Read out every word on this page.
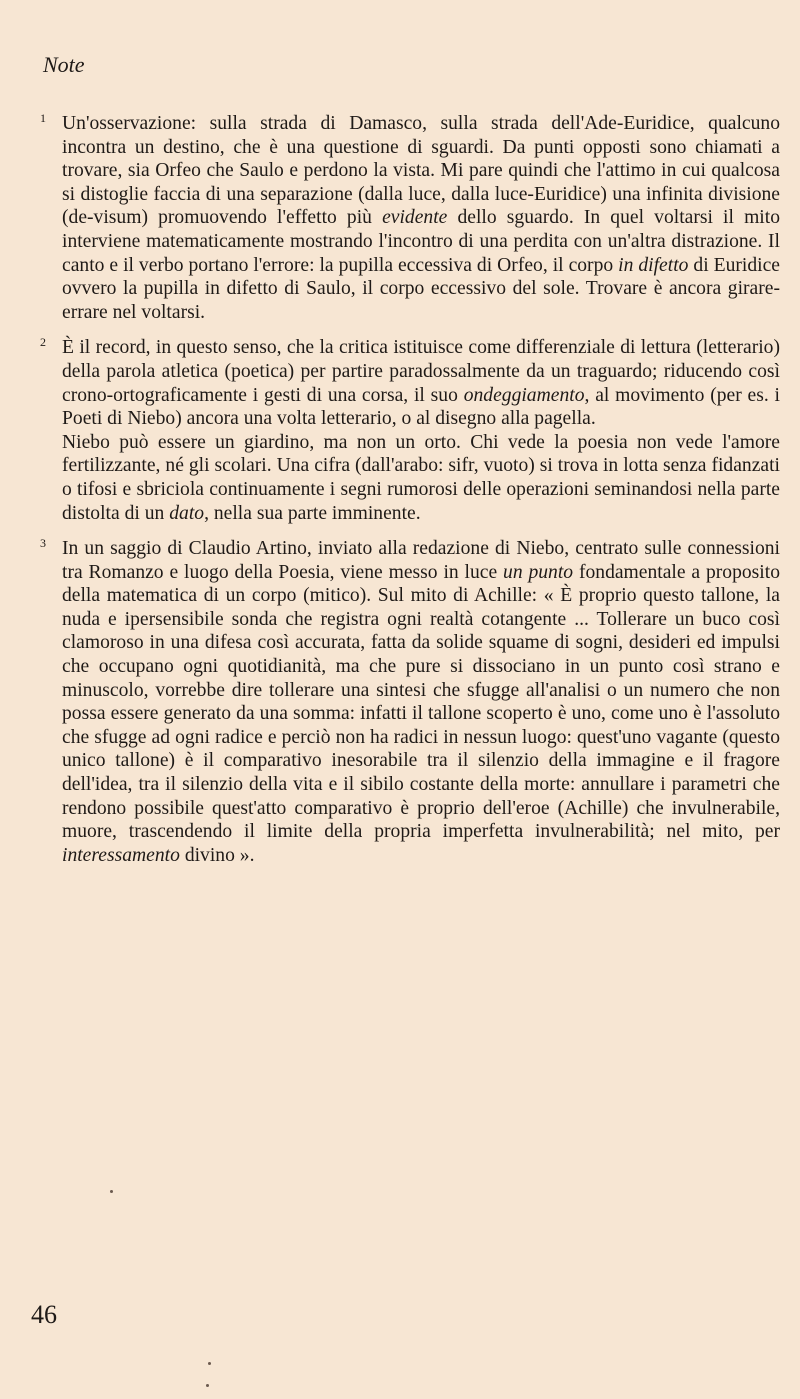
Note
1 Un'osservazione: sulla strada di Damasco, sulla strada dell'Ade-Euridice, qualcuno incontra un destino, che è una questione di sguardi. Da punti opposti sono chiamati a trovare, sia Orfeo che Saulo e perdono la vista. Mi pare quindi che l'attimo in cui qualcosa si distoglie faccia di una separazione (dalla luce, dalla luce-Euridice) una infinita divisione (de-visum) promuovendo l'effetto più evidente dello sguardo. In quel voltarsi il mito interviene matematicamente mostrando l'incontro di una perdita con un'altra distrazione. Il canto e il verbo portano l'errore: la pupilla eccessiva di Orfeo, il corpo in difetto di Euridice ovvero la pupilla in difetto di Saulo, il corpo eccessivo del sole. Trovare è ancora girare-errare nel voltarsi.

2 È il record, in questo senso, che la critica istituisce come differenziale di lettura (letterario) della parola atletica (poetica) per partire paradossalmente da un traguardo; riducendo così crono-ortograficamente i gesti di una corsa, il suo ondeggiamento, al movimento (per es. i Poeti di Niebo) ancora una volta letterario, o al disegno alla pagella.

Niebo può essere un giardino, ma non un orto. Chi vede la poesia non vede l'amore fertilizzante, né gli scolari. Una cifra (dall'arabo: sifr, vuoto) si trova in lotta senza fidanzati o tifosi e sbriciola continuamente i segni rumorosi delle operazioni seminandosi nella parte distolta di un dato, nella sua parte imminente.

3 In un saggio di Claudio Artino, inviato alla redazione di Niebo, centrato sulle connessioni tra Romanzo e luogo della Poesia, viene messo in luce un punto fondamentale a proposito della matematica di un corpo (mitico). Sul mito di Achille: « È proprio questo tallone, la nuda e ipersensibile sonda che registra ogni realtà cotangente ... Tollerare un buco così clamoroso in una difesa così accurata, fatta da solide squame di sogni, desideri ed impulsi che occupano ogni quotidianità, ma che pure si dissociano in un punto così strano e minuscolo, vorrebbe dire tollerare una sintesi che sfugge all'analisi o un numero che non possa essere generato da una somma: infatti il tallone scoperto è uno, come uno è l'assoluto che sfugge ad ogni radice e perciò non ha radici in nessun luogo: quest'uno vagante (questo unico tallone) è il comparativo inesorabile tra il silenzio della immagine e il fragore dell'idea, tra il silenzio della vita e il sibilo costante della morte: annullare i parametri che rendono possibile quest'atto comparativo è proprio dell'eroe (Achille) che invulnerabile, muore, trascendendo il limite della propria imperfetta invulnerabilità; nel mito, per interessamento divino ».

46
